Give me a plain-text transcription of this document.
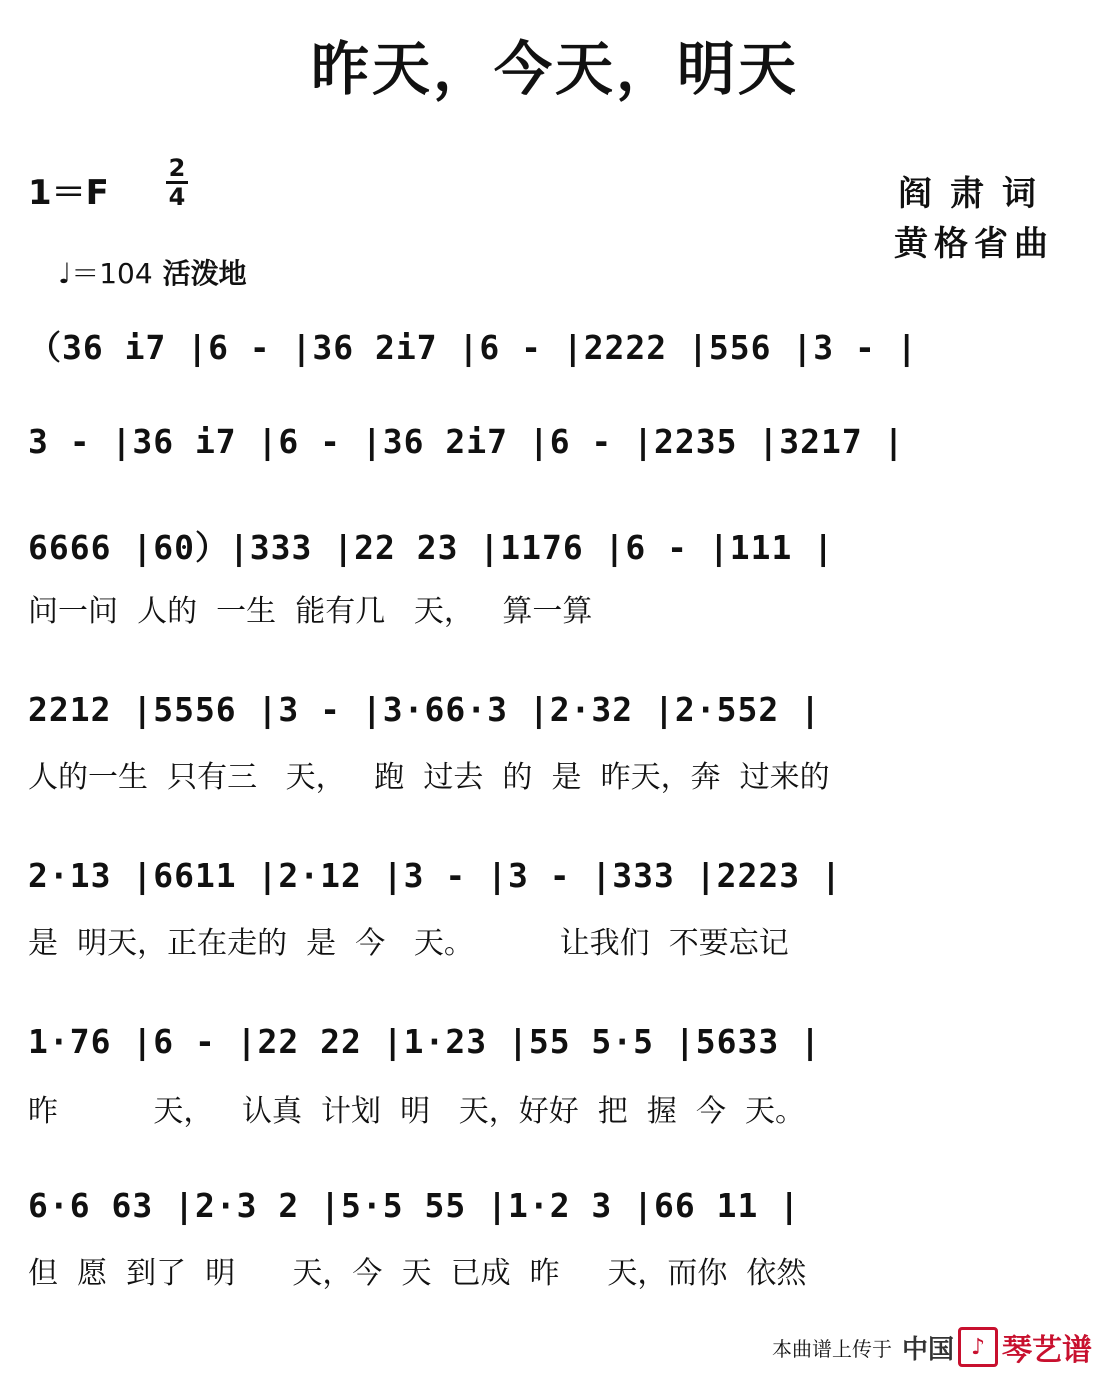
昨天，今天，明天
1＝F
2
4	阎肃词
黄格省曲
♩＝104 活泼地
（36 i7 |6 - |36 2i7 |6 - |2222 |556 |3 - |
3 - |36 i7 |6 - |36 2i7 |6 - |2235 |3217 |
6666 |60）|333 |22 23 |1176 |6 - |111 |
问一问  人的  一生  能有几   天，   算一算
2212 |5556 |3 - |3·66·3 |2·32 |2·552 |
人的一生  只有三   天，   跑  过去  的  是  昨天，奔  过来的
2·13 |6611 |2·12 |3 - |3 - |333 |2223 |
是  明天，正在走的  是  今   天。         让我们  不要忘记
1·76 |6 - |22 22 |1·23 |55 5·5 |5633 |
昨          天，   认真  计划  明   天，好好  把  握  今  天。
6·6 63 |2·3 2 |5·5 55 |1·2 3 |66 11 |
但  愿  到了  明      天，今  天  已成  昨     天，而你  依然
本曲谱上传于 中国 ♪ 琴艺谱
